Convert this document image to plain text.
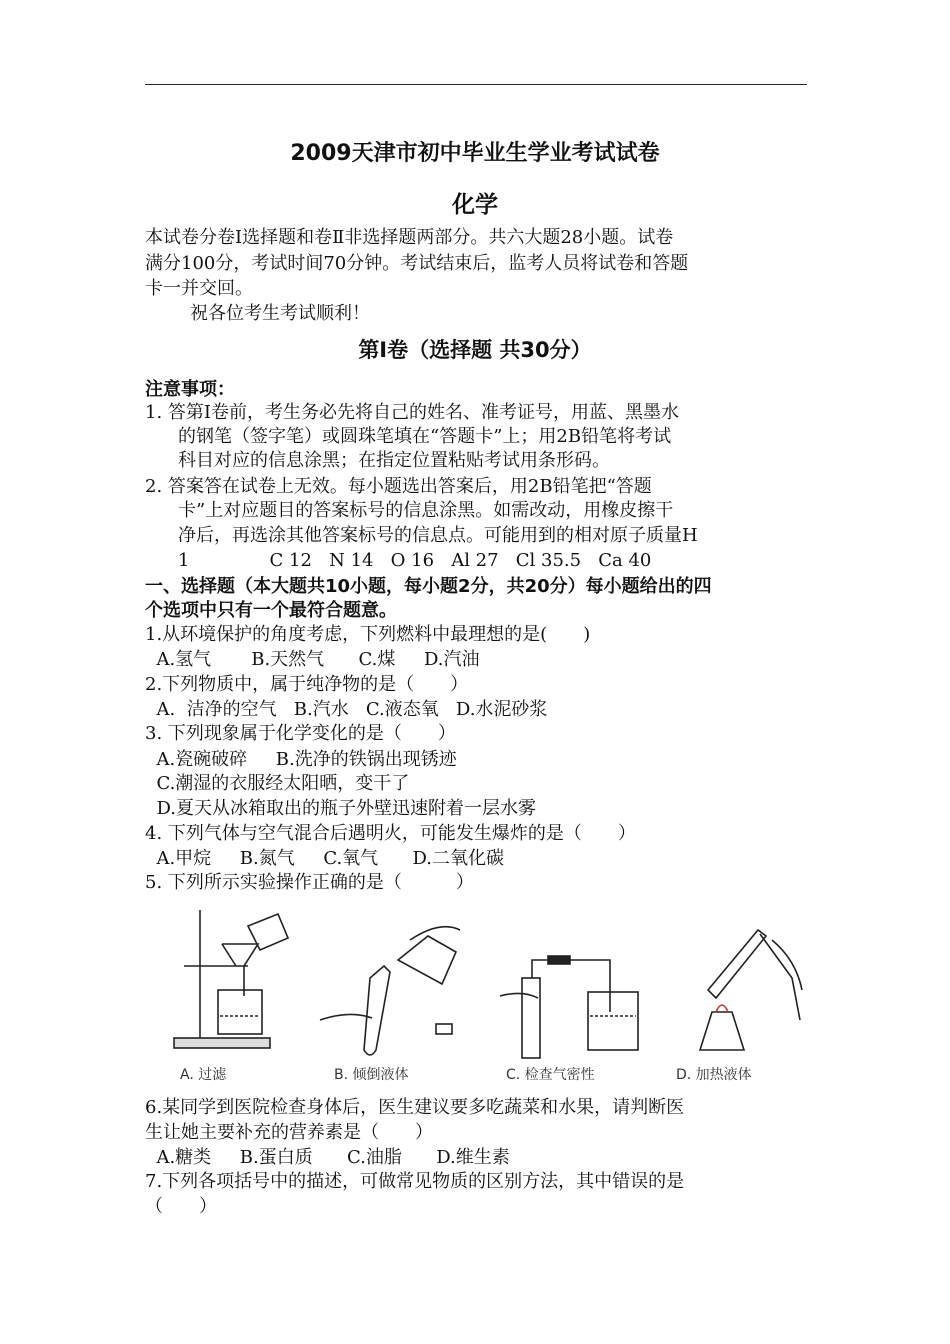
2009天津市初中毕业生学业考试试卷
化学
本试卷分卷Ⅰ选择题和卷Ⅱ非选择题两部分。共六大题28小题。试卷
满分100分，考试时间70分钟。考试结束后，监考人员将试卷和答题
卡一并交回。
祝各位考生考试顺利！
第Ⅰ卷（选择题 共30分）
注意事项：
1. 答第Ⅰ卷前，考生务必先将自己的姓名、准考证号，用蓝、黑墨水
的钢笔（签字笔）或圆珠笔填在“答题卡”上；用2B铅笔将考试
科目对应的信息涂黑；在指定位置粘贴考试用条形码。
2. 答案答在试卷上无效。每小题选出答案后，用2B铅笔把“答题
卡”上对应题目的答案标号的信息涂黑。如需改动，用橡皮擦干
净后，再选涂其他答案标号的信息点。可能用到的相对原子质量H
1              C 12   N 14   O 16   Al 27   Cl 35.5   Ca 40
一、选择题（本大题共10小题，每小题2分，共20分）每小题给出的四
个选项中只有一个最符合题意。
1.从环境保护的角度考虑，下列燃料中最理想的是(　　)
A.氢气       B.天然气      C.煤     D.汽油
2.下列物质中，属于纯净物的是（　　）
A.  洁净的空气   B.汽水   C.液态氧   D.水泥砂浆
3. 下列现象属于化学变化的是（　　）
A.瓷碗破碎     B.洗净的铁锅出现锈迹
C.潮湿的衣服经太阳晒，变干了
D.夏天从冰箱取出的瓶子外壁迅速附着一层水雾
4. 下列气体与空气混合后遇明火，可能发生爆炸的是（　　）
A.甲烷     B.氮气     C.氧气      D.二氧化碳
5. 下列所示实验操作正确的是（　　　）
A. 过滤	B. 倾倒液体	C. 检查气密性	D. 加热液体
6.某同学到医院检查身体后，医生建议要多吃蔬菜和水果，请判断医
生让她主要补充的营养素是（　　）
A.糖类     B.蛋白质      C.油脂      D.维生素
7.下列各项括号中的描述，可做常见物质的区别方法，其中错误的是
（　　）
